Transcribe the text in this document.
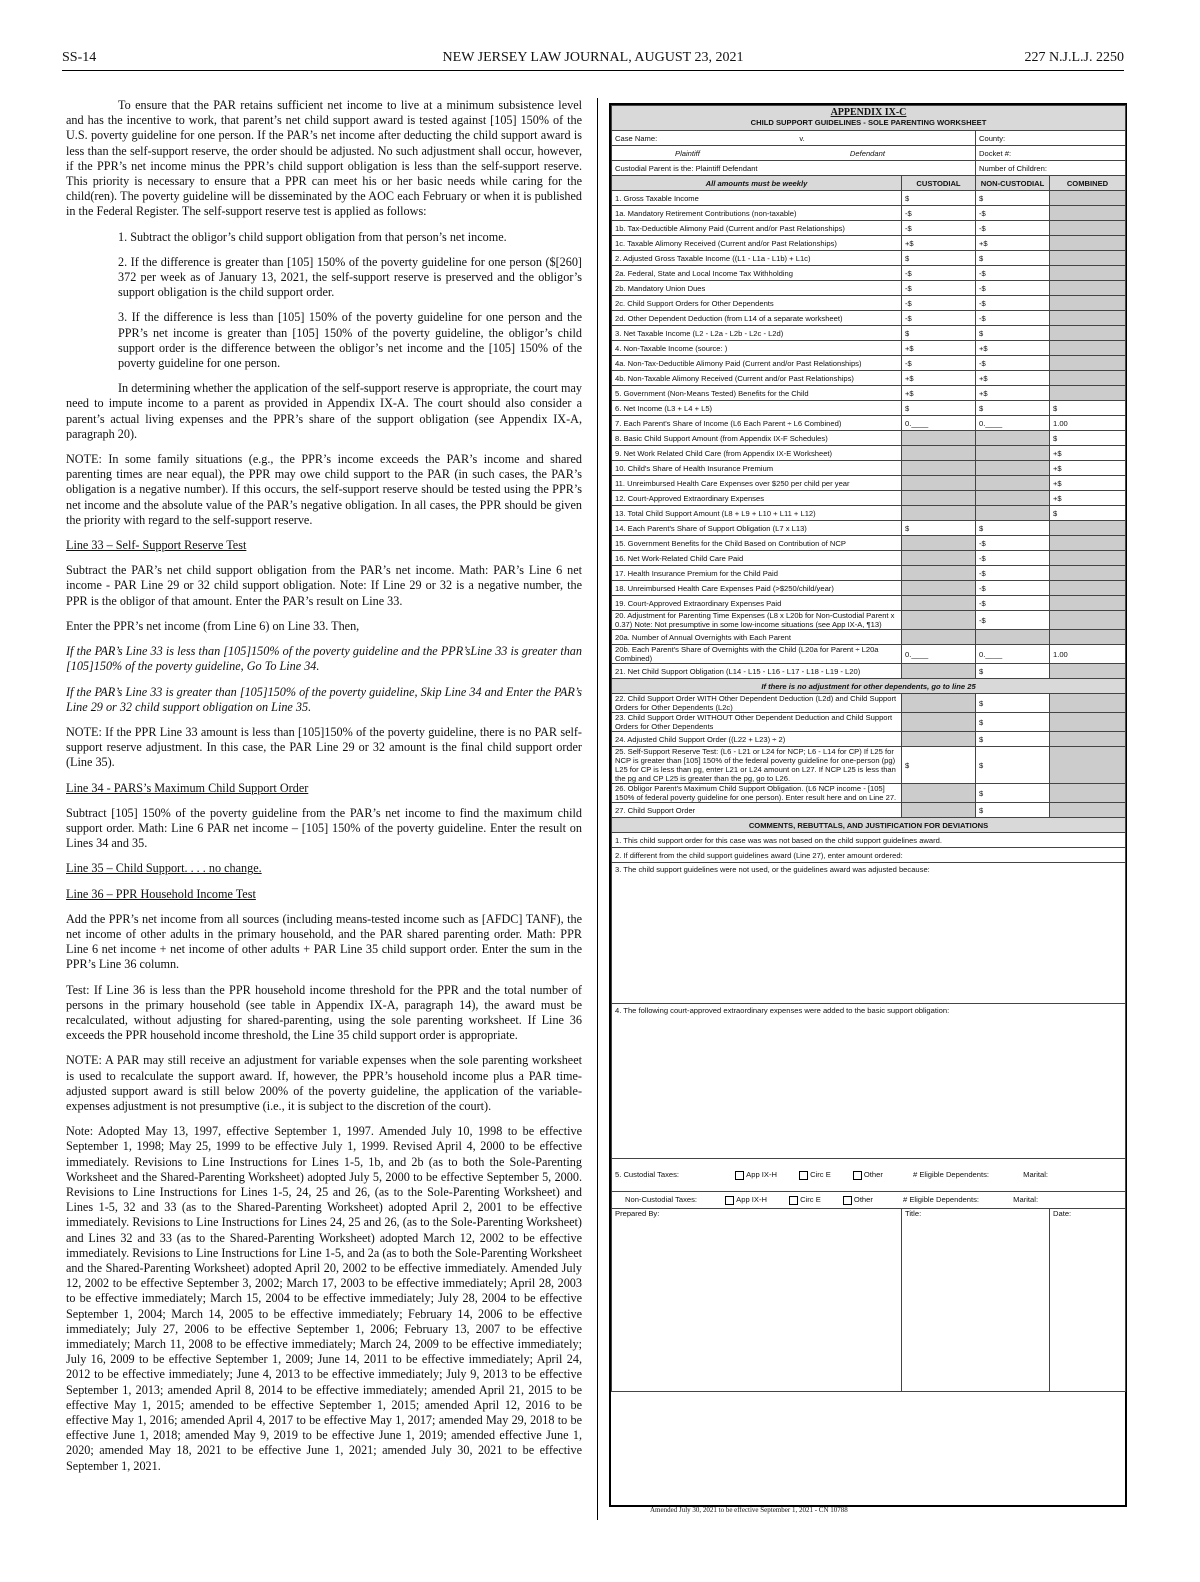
SS-14	NEW JERSEY LAW JOURNAL, AUGUST 23, 2021	227 N.J.L.J. 2250

To ensure that the PAR retains sufficient net income to live at a minimum subsistence level and has the incentive to work, that parent’s net child support award is tested against [105] 150% of the U.S. poverty guideline for one person. If the PAR’s net income after deducting the child support award is less than the self-support reserve, the order should be adjusted. No such adjustment shall occur, however, if the PPR’s net income minus the PPR’s child support obligation is less than the self-support reserve. This priority is necessary to ensure that a PPR can meet his or her basic needs while caring for the child(ren). The poverty guideline will be disseminated by the AOC each February or when it is published in the Federal Register. The self-support reserve test is applied as follows:

1. Subtract the obligor’s child support obligation from that person’s net income.

2. If the difference is greater than [105] 150% of the poverty guideline for one person ($[260] 372 per week as of January 13, 2021, the self-support reserve is preserved and the obligor’s support obligation is the child support order.

3. If the difference is less than [105] 150% of the poverty guideline for one person and the PPR’s net income is greater than [105] 150% of the poverty guideline, the obligor’s child support order is the difference between the obligor’s net income and the [105] 150% of the poverty guideline for one person.

In determining whether the application of the self-support reserve is appropriate, the court may need to impute income to a parent as provided in Appendix IX-A. The court should also consider a parent’s actual living expenses and the PPR’s share of the support obligation (see Appendix IX-A, paragraph 20).

NOTE: In some family situations (e.g., the PPR’s income exceeds the PAR’s income and shared parenting times are near equal), the PPR may owe child support to the PAR (in such cases, the PAR’s obligation is a negative number). If this occurs, the self-support reserve should be tested using the PPR’s net income and the absolute value of the PAR’s negative obligation. In all cases, the PPR should be given the priority with regard to the self-support reserve.

Line 33 – Self- Support Reserve Test

Subtract the PAR’s net child support obligation from the PAR’s net income. Math: PAR’s Line 6 net income - PAR Line 29 or 32 child support obligation. Note: If Line 29 or 32 is a negative number, the PPR is the obligor of that amount. Enter the PAR’s result on Line 33.

Enter the PPR’s net income (from Line 6) on Line 33. Then,

If the PAR’s Line 33 is less than [105]150% of the poverty guideline and the PPR’sLine 33 is greater than [105]150% of the poverty guideline, Go To Line 34.

If the PAR’s Line 33 is greater than [105]150% of the poverty guideline, Skip Line 34 and Enter the PAR’s Line 29 or 32 child support obligation on Line 35.

NOTE: If the PPR Line 33 amount is less than [105]150% of the poverty guideline, there is no PAR self-support reserve adjustment. In this case, the PAR Line 29 or 32 amount is the final child support order (Line 35).

Line 34 - PARS’s Maximum Child Support Order

Subtract [105] 150% of the poverty guideline from the PAR’s net income to find the maximum child support order. Math: Line 6 PAR net income – [105] 150% of the poverty guideline. Enter the result on Lines 34 and 35.

Line 35 – Child Support. . . . no change.

Line 36 – PPR Household Income Test

Add the PPR’s net income from all sources (including means-tested income such as [AFDC] TANF), the net income of other adults in the primary household, and the PAR shared parenting order. Math: PPR Line 6 net income + net income of other adults + PAR Line 35 child support order. Enter the sum in the PPR’s Line 36 column.

Test: If Line 36 is less than the PPR household income threshold for the PPR and the total number of persons in the primary household (see table in Appendix IX-A, paragraph 14), the award must be recalculated, without adjusting for shared-parenting, using the sole parenting worksheet. If Line 36 exceeds the PPR household income threshold, the Line 35 child support order is appropriate.

NOTE: A PAR may still receive an adjustment for variable expenses when the sole parenting worksheet is used to recalculate the support award. If, however, the PPR’s household income plus a PAR time-adjusted support award is still below 200% of the poverty guideline, the application of the variable-expenses adjustment is not presumptive (i.e., it is subject to the discretion of the court).

Note: Adopted May 13, 1997, effective September 1, 1997. Amended July 10, 1998 to be effective September 1, 1998; May 25, 1999 to be effective July 1, 1999. Revised April 4, 2000 to be effective immediately. Revisions to Line Instructions for Lines 1-5, 1b, and 2b (as to both the Sole-Parenting Worksheet and the Shared-Parenting Worksheet) adopted July 5, 2000 to be effective September 5, 2000. Revisions to Line Instructions for Lines 1-5, 24, 25 and 26, (as to the Sole-Parenting Worksheet) and Lines 1-5, 32 and 33 (as to the Shared-Parenting Worksheet) adopted April 2, 2001 to be effective immediately. Revisions to Line Instructions for Lines 24, 25 and 26, (as to the Sole-Parenting Worksheet) and Lines 32 and 33 (as to the Shared-Parenting Worksheet) adopted March 12, 2002 to be effective immediately. Revisions to Line Instructions for Line 1-5, and 2a (as to both the Sole-Parenting Worksheet and the Shared-Parenting Worksheet) adopted April 20, 2002 to be effective immediately. Amended July 12, 2002 to be effective September 3, 2002; March 17, 2003 to be effective immediately; April 28, 2003 to be effective immediately; March 15, 2004 to be effective immediately; July 28, 2004 to be effective September 1, 2004; March 14, 2005 to be effective immediately; February 14, 2006 to be effective immediately; July 27, 2006 to be effective September 1, 2006; February 13, 2007 to be effective immediately; March 11, 2008 to be effective immediately; March 24, 2009 to be effective immediately; July 16, 2009 to be effective September 1, 2009; June 14, 2011 to be effective immediately; April 24, 2012 to be effective immediately; June 4, 2013 to be effective immediately; July 9, 2013 to be effective September 1, 2013; amended April 8, 2014 to be effective immediately; amended April 21, 2015 to be effective May 1, 2015; amended to be effective September 1, 2015; amended April 12, 2016 to be effective May 1, 2016; amended April 4, 2017 to be effective May 1, 2017; amended May 29, 2018 to be effective June 1, 2018; amended May 9, 2019 to be effective June 1, 2019; amended effective June 1, 2020; amended May 18, 2021 to be effective June 1, 2021; amended July 30, 2021 to be effective September 1, 2021.

APPENDIX IX-C
CHILD SUPPORT GUIDELINES - SOLE PARENTING WORKSHEET			

Case Name: v.		County:	
Plaintiff Defendant		Docket #:	
Custodial Parent is the: Plaintiff Defendant		Number of Children:	
All amounts must be weekly	CUSTODIAL	NON-CUSTODIAL	COMBINED
1. Gross Taxable Income	$	$	
1a. Mandatory Retirement Contributions (non-taxable)	-$	-$	
1b. Tax-Deductible Alimony Paid (Current and/or Past Relationships)	-$	-$	
1c. Taxable Alimony Received (Current and/or Past Relationships)	+$	+$	
2. Adjusted Gross Taxable Income ((L1 - L1a - L1b) + L1c)	$	$	
2a. Federal, State and Local Income Tax Withholding	-$	-$	
2b. Mandatory Union Dues	-$	-$	
2c. Child Support Orders for Other Dependents	-$	-$	
2d. Other Dependent Deduction (from L14 of a separate worksheet)	-$	-$	
3. Net Taxable Income (L2 - L2a - L2b - L2c - L2d)	$	$	
4. Non-Taxable Income (source: )	+$	+$	
4a. Non-Tax-Deductible Alimony Paid (Current and/or Past Relationships)	-$	-$	
4b. Non-Taxable Alimony Received (Current and/or Past Relationships)	+$	+$	
5. Government (Non-Means Tested) Benefits for the Child	+$	+$	
6. Net Income (L3 + L4 + L5)	$	$	$
7. Each Parent's Share of Income (L6 Each Parent ÷ L6 Combined)	0.____	0.____	1.00
8. Basic Child Support Amount (from Appendix IX-F Schedules)			$
9. Net Work Related Child Care (from Appendix IX-E Worksheet)			+$
10. Child's Share of Health Insurance Premium			+$
11. Unreimbursed Health Care Expenses over $250 per child per year			+$
12. Court-Approved Extraordinary Expenses			+$
13. Total Child Support Amount (L8 + L9 + L10 + L11 + L12)			$
14. Each Parent's Share of Support Obligation (L7 x L13)	$	$	
15. Government Benefits for the Child Based on Contribution of NCP		-$	
16. Net Work-Related Child Care Paid		-$	
17. Health Insurance Premium for the Child Paid		-$	
18. Unreimbursed Health Care Expenses Paid (>$250/child/year)		-$	
19. Court-Approved Extraordinary Expenses Paid		-$	
20. Adjustment for Parenting Time Expenses (L8 x L20b for Non-Custodial Parent x 0.37) Note: Not presumptive in some low-income situations (see App IX-A, ¶13)		-$	
20a. Number of Annual Overnights with Each Parent			
20b. Each Parent's Share of Overnights with the Child (L20a for Parent ÷ L20a Combined)	0.____	0.____	1.00
21. Net Child Support Obligation (L14 - L15 - L16 - L17 - L18 - L19 - L20)		$	
If there is no adjustment for other dependents, go to line 25			
22. Child Support Order WITH Other Dependent Deduction (L2d) and Child Support Orders for Other Dependents (L2c)		$	
23. Child Support Order WITHOUT Other Dependent Deduction and Child Support Orders for Other Dependents		$	
24. Adjusted Child Support Order ((L22 + L23) ÷ 2)		$	
25. Self-Support Reserve Test: (L6 - L21 or L24 for NCP; L6 - L14 for CP) If L25 for NCP is greater than [105] 150% of the federal poverty guideline for one-person (pg) L25 for CP is less than pg, enter L21 or L24 amount on L27. If NCP L25 is less than the pg and CP L25 is greater than the pg, go to L26.	$	$	
26. Obligor Parent's Maximum Child Support Obligation. (L6 NCP income - [105] 150% of federal poverty guideline for one person). Enter result here and on Line 27.		$	
27. Child Support Order		$	
COMMENTS, REBUTTALS, AND JUSTIFICATION FOR DEVIATIONS			
1. This child support order for this case was was not based on the child support guidelines award.			
2. If different from the child support guidelines award (Line 27), enter amount ordered:			
3. The child support guidelines were not used, or the guidelines award was adjusted because:			
4. The following court-approved extraordinary expenses were added to the basic support obligation:			
5. Custodial Taxes: App IX-H Circ E Other # Eligible Dependents: Marital:			
Non-Custodial Taxes: App IX-H Circ E Other # Eligible Dependents: Marital:			
Prepared By:	Title:		Date:
Amended July 30, 2021 to be effective September 1, 2021 - CN 10788
